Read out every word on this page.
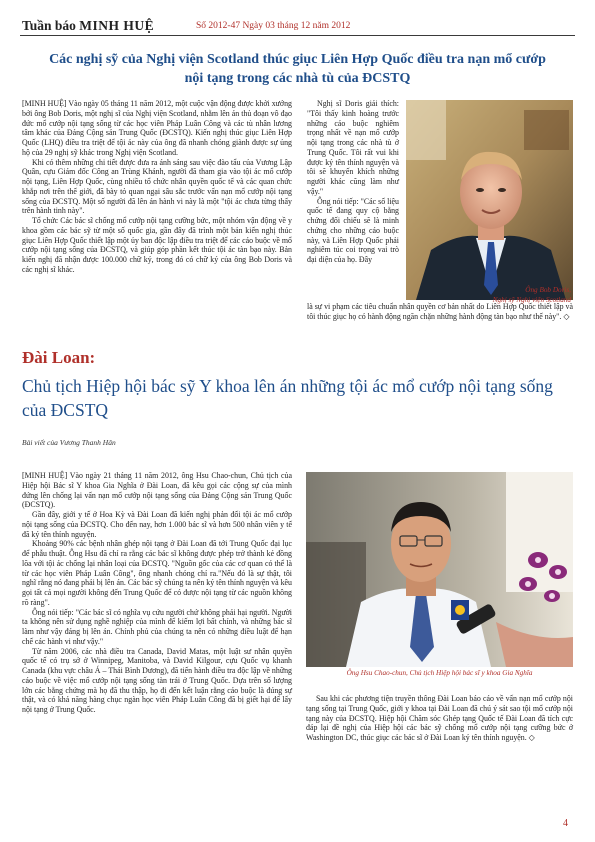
Tuần báo MINH HUỆ	Số 2012-47 Ngày 03 tháng 12 năm 2012
Các nghị sỹ của Nghị viện Scotland thúc giục Liên Hợp Quốc điều tra nạn mổ cướp nội tạng trong các nhà tù của ĐCSTQ

[MINH HUỆ] Vào ngày 05 tháng 11 năm 2012, một cuộc vận động được khởi xướng bởi ông Bob Doris, một nghị sĩ của Nghị viện Scotland, nhằm lên án thủ đoạn vô đạo đức mổ cướp nội tạng sống từ các học viên Pháp Luân Công và các tù nhân lương tâm khác của Đảng Cộng sản Trung Quốc (ĐCSTQ). Kiến nghị thúc giục Liên Hợp Quốc (LHQ) điều tra triệt để tội ác này của ông đã nhanh chóng giành được sự ủng hộ của 29 nghị sỹ khác trong Nghị viện Scotland.

Khi có thêm những chi tiết được đưa ra ánh sáng sau việc đào tẩu của Vương Lập Quân, cựu Giám đốc Công an Trùng Khánh, người đã tham gia vào tội ác mổ cướp nội tạng, Liên Hợp Quốc, cùng nhiều tổ chức nhân quyền quốc tế và các quan chức khắp nơi trên thế giới, đã bày tỏ quan ngại sâu sắc trước vấn nạn mổ cướp nội tạng sống của ĐCSTQ. Một số người đã lên án hành vi này là một "tội ác chưa từng thấy trên hành tinh này".

Tổ chức Các bác sĩ chống mổ cướp nội tạng cưỡng bức, một nhóm vận động về y khoa gồm các bác sỹ từ một số quốc gia, gần đây đã trình một bản kiến nghị thúc giục Liên Hợp Quốc thiết lập một ủy ban độc lập điều tra triệt để các cáo buộc về mổ cướp nội tạng sống của ĐCSTQ, và giúp góp phần kết thúc tội ác tàn bạo này. Bản kiến nghị đã nhận được 100.000 chữ ký, trong đó có chữ ký của ông Bob Doris và các nghị sĩ khác.

Nghị sĩ Doris giải thích: "Tôi thấy kinh hoàng trước những cáo buộc nghiêm trọng nhất về nạn mổ cướp nội tạng trong các nhà tù ở Trung Quốc. Tôi rất vui khi được ký tên thỉnh nguyện và tôi sẽ khuyến khích những người khác cũng làm như vậy."

Ông nói tiếp: "Các số liệu quốc tế đang quy cộ bằng chứng đối chiếu sẽ là minh chứng cho những cáo buộc này, và Liên Hợp Quốc phải nghiêm túc coi trọng vai trò đại diện của họ. Đây

Ông Bob Doris,
Nghị sỹ Nghị viện Scotland

là sự vi phạm các tiêu chuẩn nhân quyền cơ bản nhất do Liên Hợp Quốc thiết lập và tôi thúc giục họ có hành động ngăn chặn những hành động tàn bạo như thế này". ◇

Đài Loan:
Chủ tịch Hiệp hội bác sỹ Y khoa lên án những tội ác mổ cướp nội tạng sống của ĐCSTQ
Bài viết của Vương Thanh Hân

[MINH HUỆ] Vào ngày 21 tháng 11 năm 2012, ông Hsu Chao-chun, Chủ tịch của Hiệp hội Bác sĩ Y khoa Gia Nghĩa ở Đài Loan, đã kêu gọi các cộng sự của mình đứng lên chống lại vấn nạn mổ cướp nội tạng sống của Đảng Cộng sản Trung Quốc (ĐCSTQ).

Gần đây, giới y tế ở Hoa Kỳ và Đài Loan đã kiến nghị phản đối tội ác mổ cướp nội tạng sống của ĐCSTQ. Cho đến nay, hơn 1.000 bác sĩ và hơn 500 nhân viên y tế đã ký tên thỉnh nguyện.

Khoảng 90% các bệnh nhân ghép nội tạng ở Đài Loan đã tới Trung Quốc đại lục để phẫu thuật. Ông Hsu đã chỉ ra rằng các bác sĩ không được phép trở thành kẻ đồng lõa với tội ác chống lại nhân loại của ĐCSTQ. "Nguồn gốc của các cơ quan có thể là từ các học viên Pháp Luân Công", ông nhanh chóng chỉ ra."Nếu đó là sự thật, tôi nghĩ rằng nó đang phải bị lên án. Các bác sỹ chúng ta nên ký tên thỉnh nguyện và kêu gọi tất cả mọi người không đến Trung Quốc để có được nội tạng từ các nguồn không rõ ràng".

Ông nói tiếp: "Các bác sĩ có nghĩa vụ cứu người chứ không phải hại người. Người ta không nên sử dụng nghề nghiệp của mình để kiếm lợi bất chính, và những bác sĩ làm như vậy đáng bị lên án. Chính phủ của chúng ta nên có những điều luật để hạn chế các hành vi như vậy."

Từ năm 2006, các nhà điều tra Canada, David Matas, một luật sư nhân quyền quốc tế có trụ sở ở Winnipeg, Manitoba, và David Kilgour, cựu Quốc vụ khanh Canada (khu vực châu Á – Thái Bình Dương), đã tiến hành điều tra độc lập về những cáo buộc về việc mổ cướp nội tạng sống tàn trái ở Trung Quốc. Dựa trên số lượng lớn các bằng chứng mà họ đã thu thập, họ đi đến kết luận rằng cáo buộc là đúng sự thật, và có khả năng hàng chục ngàn học viên Pháp Luân Công đã bị giết hại để lấy nội tạng ở Trung Quốc.

Ông Hsu Chao-chun, Chủ tịch Hiệp hội bác sĩ y khoa Gia Nghĩa

Sau khi các phương tiện truyền thông Đài Loan báo cáo về vấn nạn mổ cướp nội tạng sống tại Trung Quốc, giới y khoa tại Đài Loan đã chú ý sát sao tội mổ cướp nội tạng này của ĐCSTQ. Hiệp hội Chăm sóc Ghép tạng Quốc tế Đài Loan đã tích cực đáp lại đề nghị của Hiệp hội các bác sỹ chống mổ cướp nội tạng cưỡng bức ở Washington DC, thúc giục các bác sĩ ở Đài Loan ký tên thỉnh nguyện. ◇

4
